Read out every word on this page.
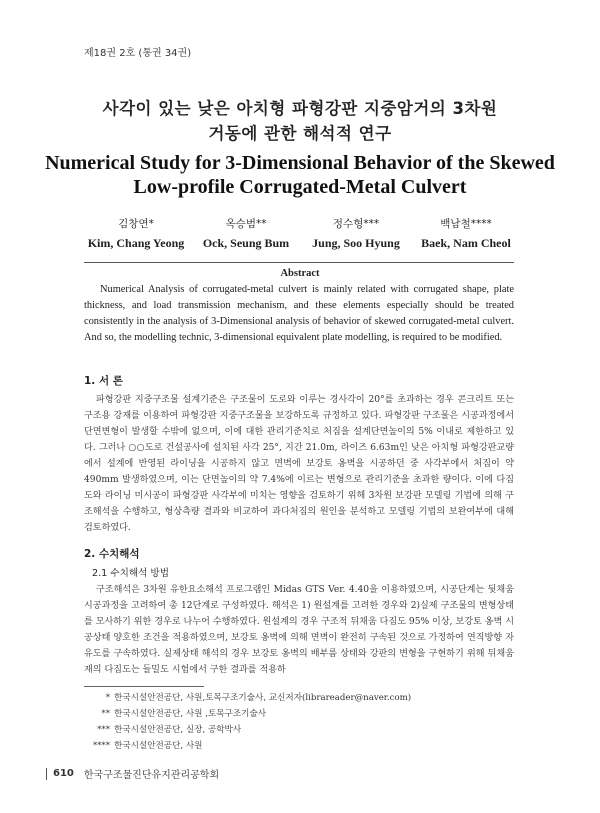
제18권 2호 (통권 34권)
사각이 있는 낮은 아치형 파형강판 지중암거의 3차원
거동에 관한 해석적 연구
Numerical Study for 3-Dimensional Behavior of the Skewed
Low-profile Corrugated-Metal Culvert
김창연*	옥승범**	정수형***	백남철****
Kim, Chang Yeong	Ock, Seung Bum	Jung, Soo Hyung	Baek, Nam Cheol
Abstract

Numerical Analysis of corrugated-metal culvert is mainly related with corrugated shape, plate thickness, and load transmission mechanism, and these elements especially should be treated consistently in the analysis of 3-Dimensional analysis of behavior of skewed corrugated-metal culvert. And so, the modelling technic, 3-dimensional equivalent plate modelling, is required to be modified.

1. 서 론

파형강판 지중구조물 설계기준은 구조물이 도로와 이루는 경사각이 20°를 초과하는 경우 콘크리트 또는 구조용 강재를 이용하여 파형강판 지중구조물을 보강하도록 규정하고 있다. 파형강판 구조물은 시공과정에서 단면변형이 발생할 수밖에 없으며, 이에 대한 관리기준치로 처짐을 설계단면높이의 5% 이내로 제한하고 있다. 그러나 ○○도로 건설공사에 설치된 사각 25°, 지간 21.0m, 라이즈 6.63m인 낮은 아치형 파형강판교량에서 설계에 반영된 라이닝을 시공하지 않고 면벽에 보강토 옹벽을 시공하던 중 사각부에서 처짐이 약 490mm 발생하였으며, 이는 단면높이의 약 7.4%에 이르는 변형으로 관리기준을 초과한 량이다. 이에 다짐도와 라이닝 미시공이 파형강판 사각부에 미치는 영향을 검토하기 위해 3차원 보강판 모델링 기법에 의해 구조해석을 수행하고, 형상측량 결과와 비교하여 과다처짐의 원인을 분석하고 모델링 기법의 보완여부에 대해 검토하였다.

2. 수치해석
2.1 수치해석 방법

구조해석은 3차원 유한요소해석 프로그램인 Midas GTS Ver. 4.40을 이용하였으며, 시공단계는 뒷채움 시공과정을 고려하여 총 12단계로 구성하였다. 해석은 1) 원설계를 고려한 경우와 2)실제 구조물의 변형상태를 모사하기 위한 경우로 나누어 수행하였다. 원설계의 경우 구조적 뒤채움 다짐도 95% 이상, 보강토 옹벽 시공상태 양호한 조건을 적용하였으며, 보강토 옹벽에 의해 면벽이 완전히 구속된 것으로 가정하여 연직방향 자유도를 구속하였다. 실제상태 해석의 경우 보강토 옹벽의 배부름 상태와 강판의 변형을 구현하기 위해 뒤채움재의 다짐도는 들밀도 시험에서 구한 결과를 적용하

* 한국시설안전공단, 사원,토목구조기술사, 교신저자(librareader@naver.com)
** 한국시설안전공단, 사원 ,토목구조기술사
*** 한국시설안전공단, 실장, 공학박사
**** 한국시설안전공단, 사원
610 한국구조물진단유지관리공학회
